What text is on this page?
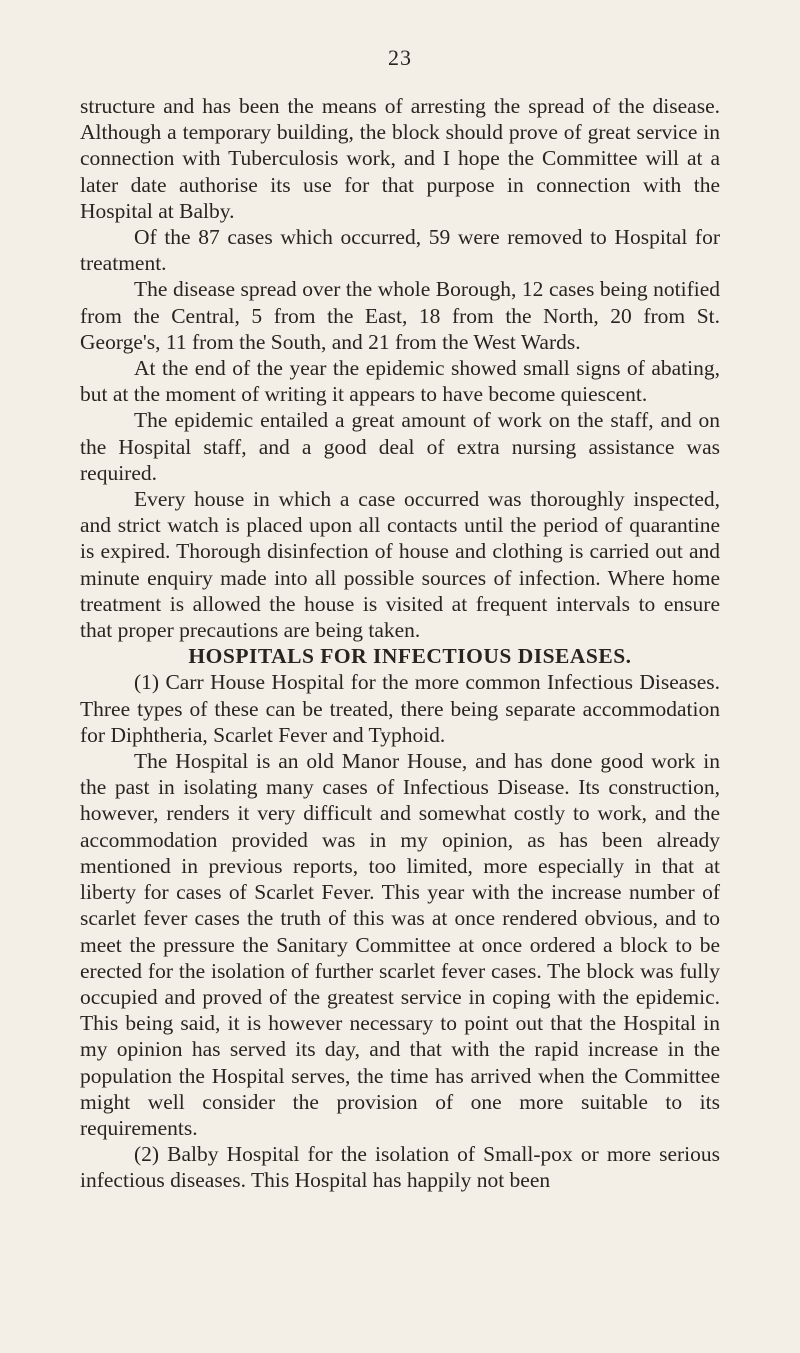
23

structure and has been the means of arresting the spread of the disease. Although a temporary building, the block should prove of great service in connection with Tuberculosis work, and I hope the Committee will at a later date authorise its use for that purpose in connection with the Hospital at Balby.

Of the 87 cases which occurred, 59 were removed to Hospital for treatment.

The disease spread over the whole Borough, 12 cases being notified from the Central, 5 from the East, 18 from the North, 20 from St. George's, 11 from the South, and 21 from the West Wards.

At the end of the year the epidemic showed small signs of abating, but at the moment of writing it appears to have become quiescent.

The epidemic entailed a great amount of work on the staff, and on the Hospital staff, and a good deal of extra nursing assistance was required.

Every house in which a case occurred was thoroughly inspected, and strict watch is placed upon all contacts until the period of quarantine is expired. Thorough disinfection of house and clothing is carried out and minute enquiry made into all possible sources of infection. Where home treatment is allowed the house is visited at frequent intervals to ensure that proper precautions are being taken.

HOSPITALS FOR INFECTIOUS DISEASES.

(1) Carr House Hospital for the more common Infectious Diseases. Three types of these can be treated, there being separate accommodation for Diphtheria, Scarlet Fever and Typhoid.

The Hospital is an old Manor House, and has done good work in the past in isolating many cases of Infectious Disease. Its construction, however, renders it very difficult and somewhat costly to work, and the accommodation provided was in my opinion, as has been already mentioned in previous reports, too limited, more especially in that at liberty for cases of Scarlet Fever. This year with the increase number of scarlet fever cases the truth of this was at once rendered obvious, and to meet the pressure the Sanitary Committee at once ordered a block to be erected for the isolation of further scarlet fever cases. The block was fully occupied and proved of the greatest service in coping with the epidemic. This being said, it is however necessary to point out that the Hospital in my opinion has served its day, and that with the rapid increase in the population the Hospital serves, the time has arrived when the Committee might well consider the provision of one more suitable to its requirements.

(2) Balby Hospital for the isolation of Small-pox or more serious infectious diseases. This Hospital has happily not been
